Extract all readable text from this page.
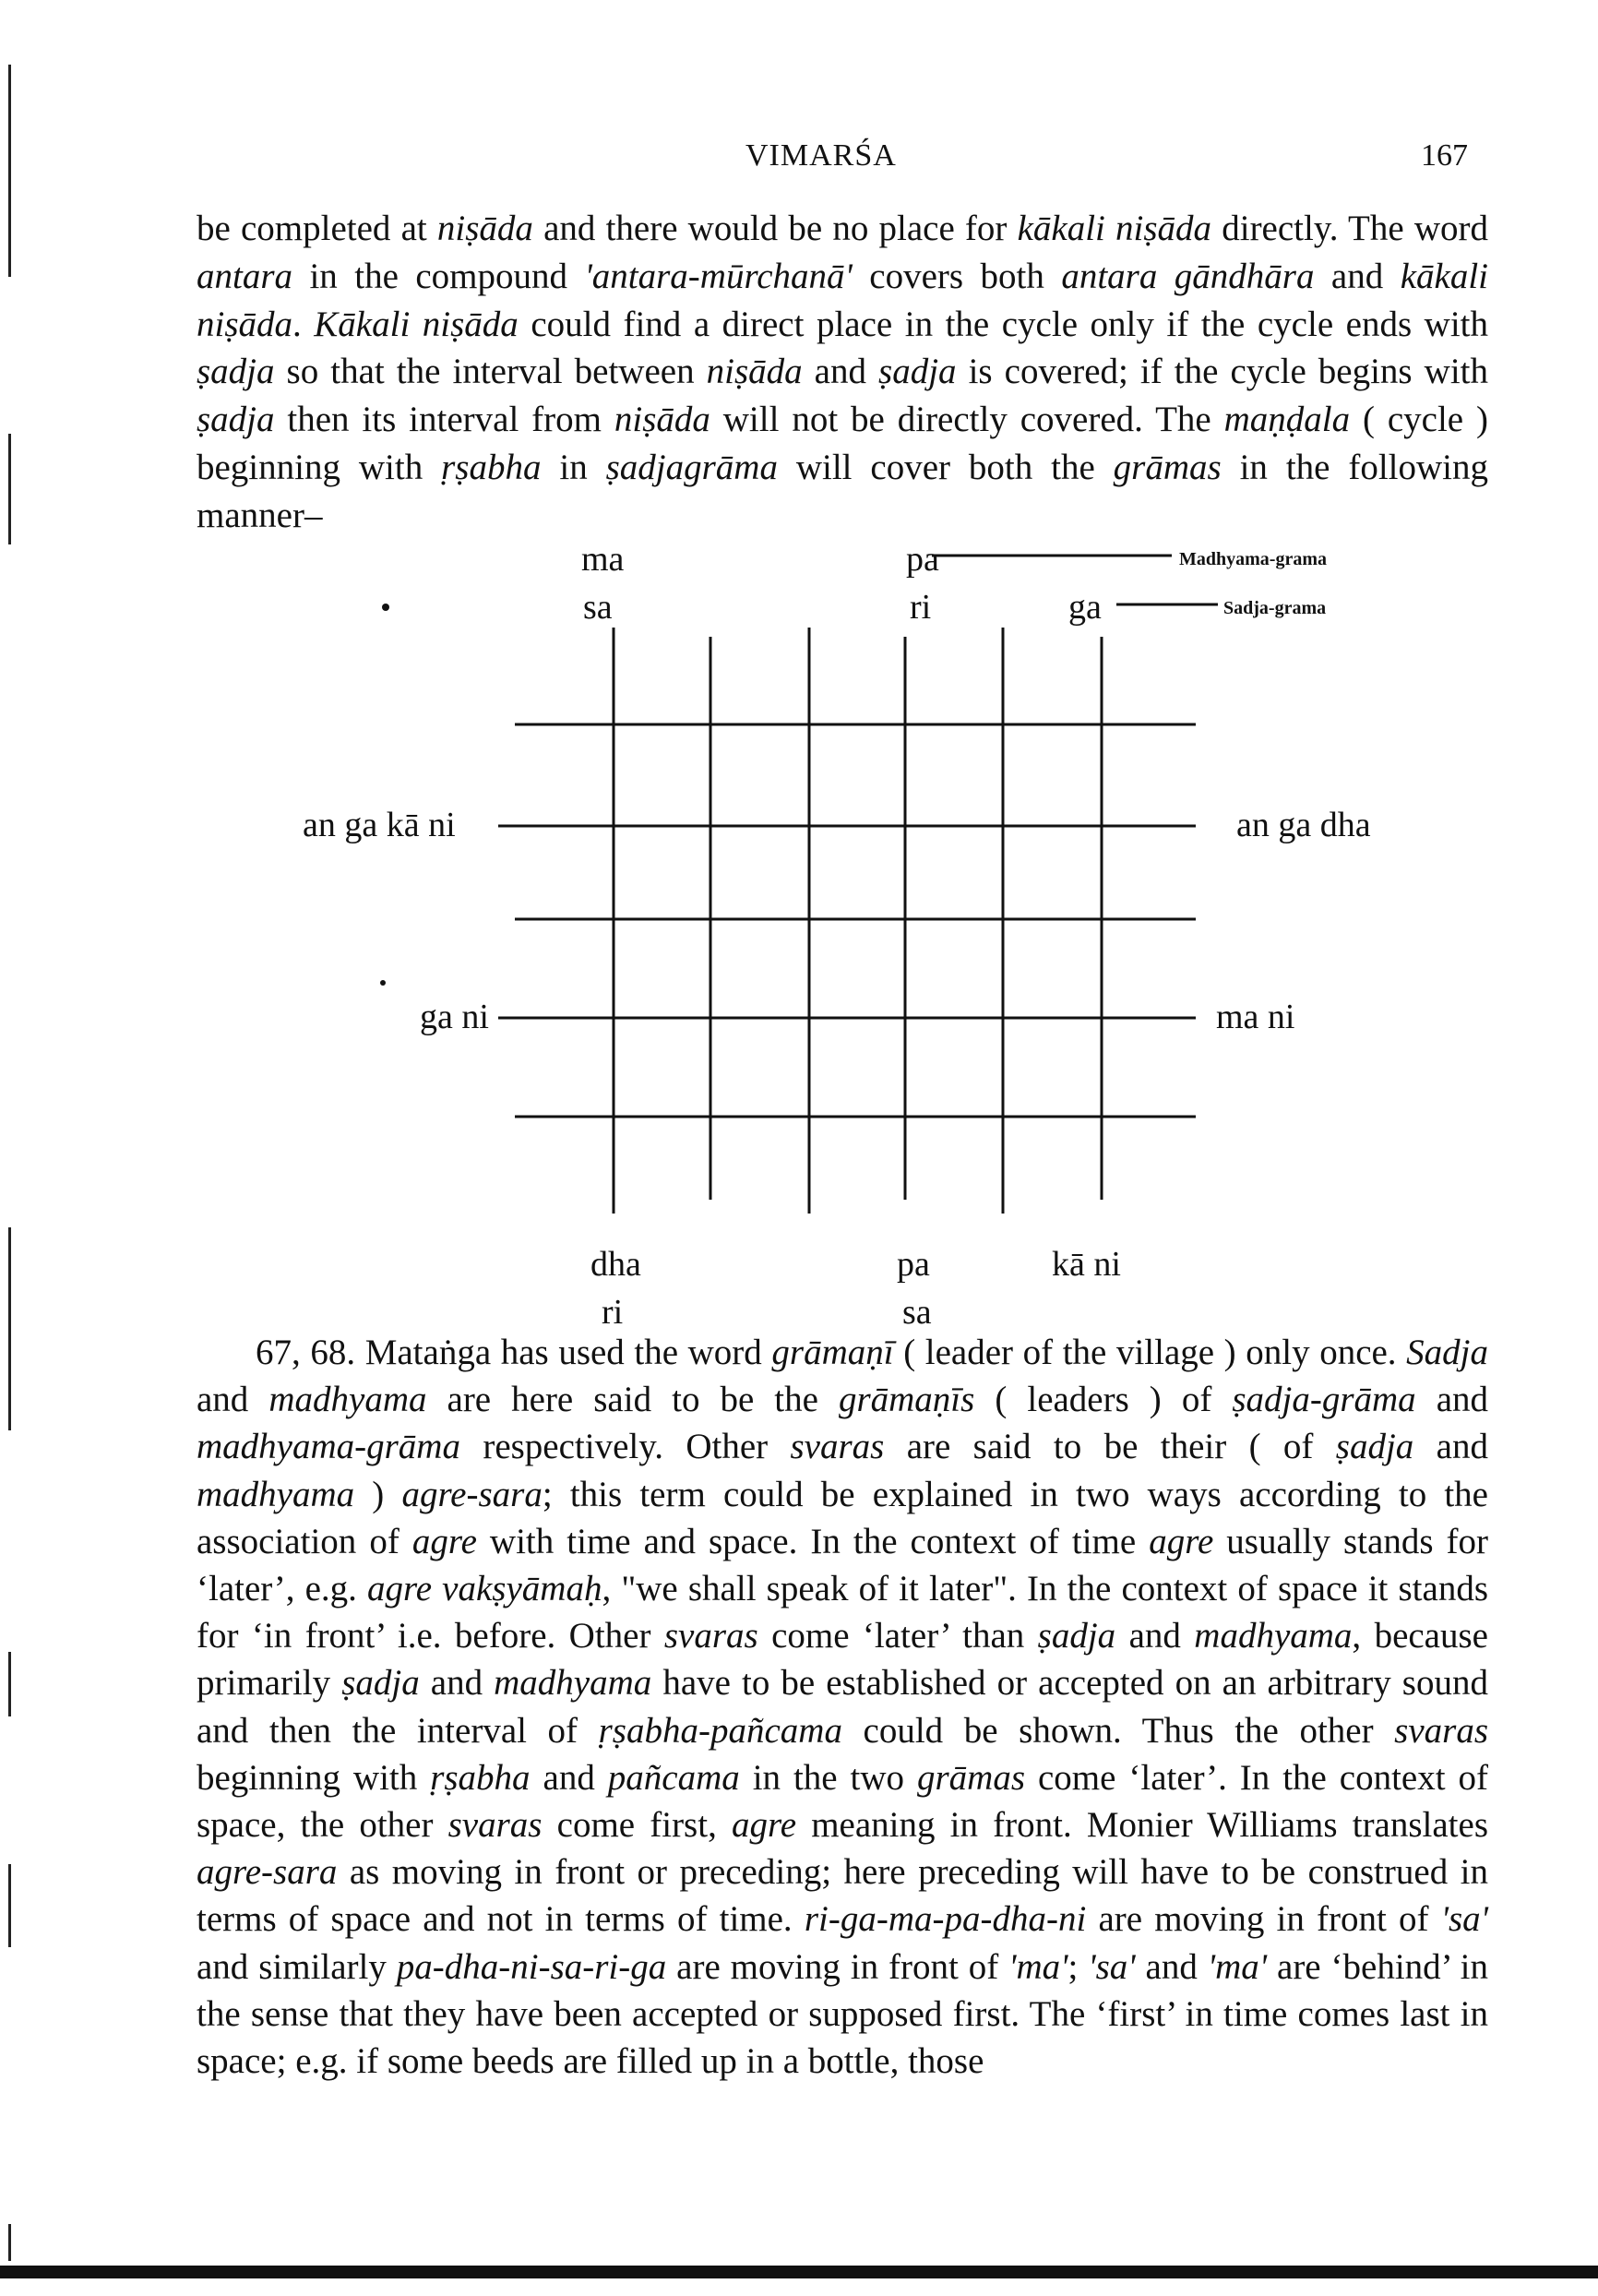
VIMARŚA	167

be completed at niṣāda and there would be no place for kākali niṣāda directly. The word antara in the compound 'antara-mūrchanā' covers both antara gāndhāra and kākali niṣāda. Kākali niṣāda could find a direct place in the cycle only if the cycle ends with ṣadja so that the interval between niṣāda and ṣadja is covered; if the cycle begins with ṣadja then its interval from niṣāda will not be directly covered. The maṇḍala ( cycle ) beginning with ṛṣabha in ṣadjagrāma will cover both the grāmas in the following manner–

ma	pa
sa	ri	ga
Madhyama-grama
Sadja-grama
an ga kā ni
ga ni
an ga dha
ma ni
dha	pa	kā ni
ri	sa

67, 68. Mataṅga has used the word grāmaṇī ( leader of the village ) only once. Sadja and madhyama are here said to be the grāmaṇīs ( leaders ) of ṣadja-grāma and madhyama-grāma respectively. Other svaras are said to be their ( of ṣadja and madhyama ) agre-sara; this term could be explained in two ways according to the association of agre with time and space. In the context of time agre usually stands for ‘later’, e.g. agre vakṣyāmaḥ, "we shall speak of it later". In the context of space it stands for ‘in front’ i.e. before. Other svaras come ‘later’ than ṣadja and madhyama, because primarily ṣadja and madhyama have to be established or accepted on an arbitrary sound and then the interval of ṛṣabha-pañcama could be shown. Thus the other svaras beginning with ṛṣabha and pañcama in the two grāmas come ‘later’. In the context of space, the other svaras come first, agre meaning in front. Monier Williams translates agre-sara as moving in front or preceding; here preceding will have to be construed in terms of space and not in terms of time. ri-ga-ma-pa-dha-ni are moving in front of 'sa' and similarly pa-dha-ni-sa-ri-ga are moving in front of 'ma'; 'sa' and 'ma' are ‘behind’ in the sense that they have been accepted or supposed first. The ‘first’ in time comes last in space; e.g. if some beeds are filled up in a bottle, those
